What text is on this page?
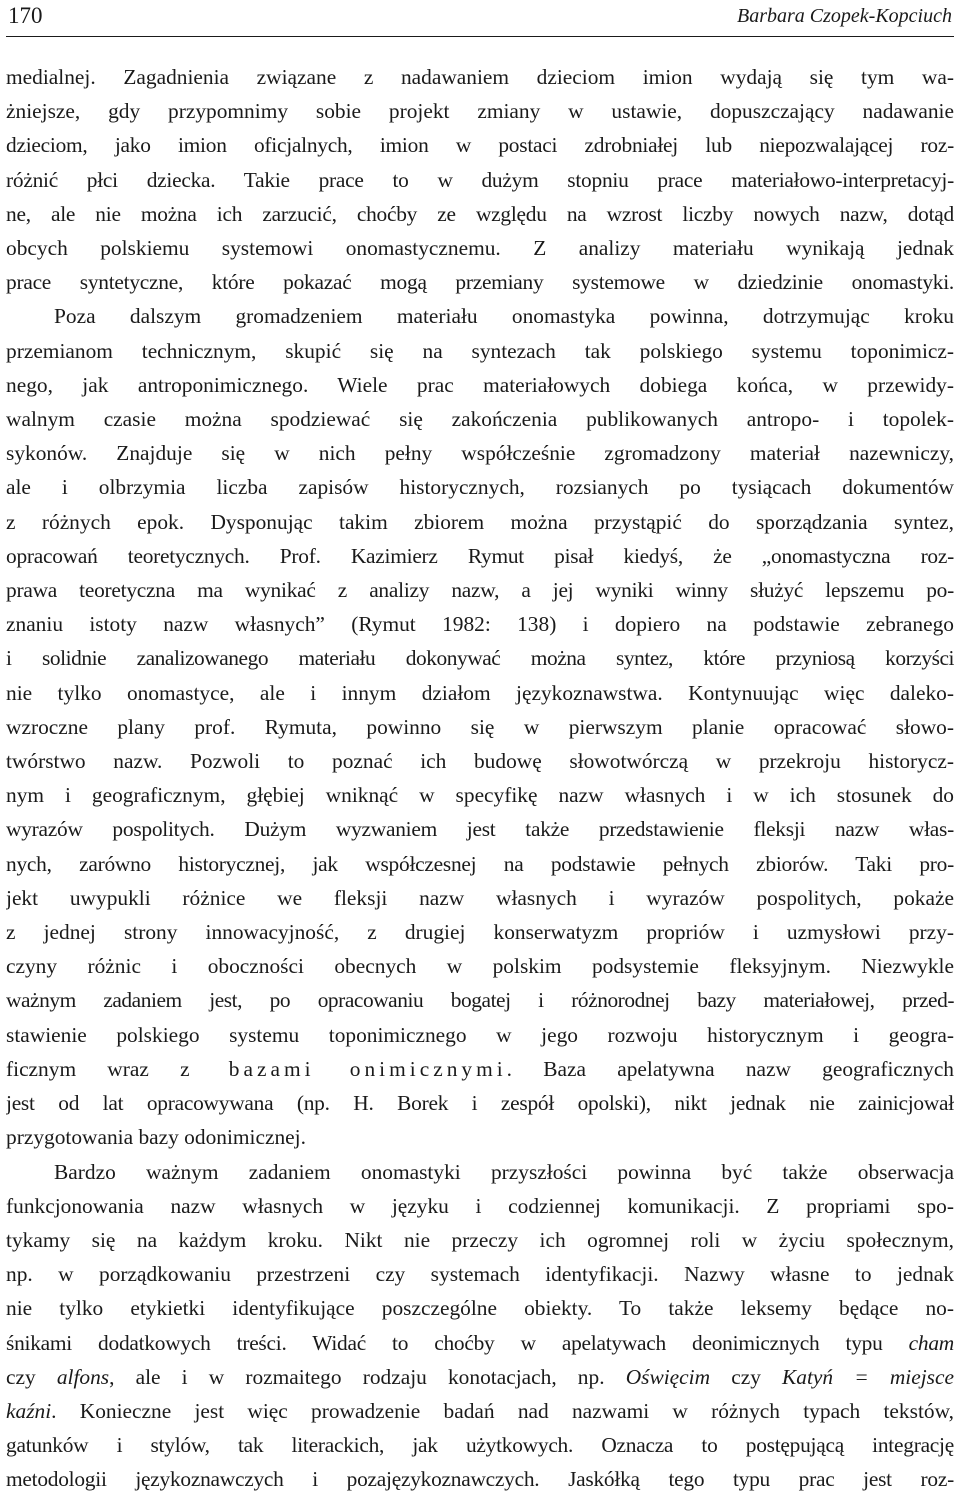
170	Barbara Czopek-Kopciuch

medialnej. Zagadnienia związane z nadawaniem dzieciom imion wydają się tym wa-
żniejsze, gdy przypomnimy sobie projekt zmiany w ustawie, dopuszczający nadawanie
dzieciom, jako imion oficjalnych, imion w postaci zdrobniałej lub niepozwalającej roz-
różnić płci dziecka. Takie prace to w dużym stopniu prace materiałowo-interpretacyj-
ne, ale nie można ich zarzucić, choćby ze względu na wzrost liczby nowych nazw, dotąd
obcych polskiemu systemowi onomastycznemu. Z analizy materiału wynikają jednak
prace syntetyczne, które pokazać mogą przemiany systemowe w dziedzinie onomastyki.

Poza dalszym gromadzeniem materiału onomastyka powinna, dotrzymując kroku
przemianom technicznym, skupić się na syntezach tak polskiego systemu toponimicz-
nego, jak antroponimicznego. Wiele prac materiałowych dobiega końca, w przewidy-
walnym czasie można spodziewać się zakończenia publikowanych antropo- i topolek-
sykonów. Znajduje się w nich pełny współcześnie zgromadzony materiał nazewniczy,
ale i olbrzymia liczba zapisów historycznych, rozsianych po tysiącach dokumentów
z różnych epok. Dysponując takim zbiorem można przystąpić do sporządzania syntez,
opracowań teoretycznych. Prof. Kazimierz Rymut pisał kiedyś, że „onomastyczna roz-
prawa teoretyczna ma wynikać z analizy nazw, a jej wyniki winny służyć lepszemu po-
znaniu istoty nazw własnych” (Rymut 1982: 138) i dopiero na podstawie zebranego
i solidnie zanalizowanego materiału dokonywać można syntez, które przyniosą korzyści
nie tylko onomastyce, ale i innym działom językoznawstwa. Kontynuując więc daleko-
wzroczne plany prof. Rymuta, powinno się w pierwszym planie opracować słowo-
twórstwo nazw. Pozwoli to poznać ich budowę słowotwórczą w przekroju historycz-
nym i geograficznym, głębiej wniknąć w specyfikę nazw własnych i w ich stosunek do
wyrazów pospolitych. Dużym wyzwaniem jest także przedstawienie fleksji nazw włas-
nych, zarówno historycznej, jak współczesnej na podstawie pełnych zbiorów. Taki pro-
jekt uwypukli różnice we fleksji nazw własnych i wyrazów pospolitych, pokaże
z jednej strony innowacyjność, z drugiej konserwatyzm propriów i uzmysłowi przy-
czyny różnic i oboczności obecnych w polskim podsystemie fleksyjnym. Niezwykle
ważnym zadaniem jest, po opracowaniu bogatej i różnorodnej bazy materiałowej, przed-
stawienie polskiego systemu toponimicznego w jego rozwoju historycznym i geogra-
ficznym wraz z bazami onimicznymi. Baza apelatywna nazw geograficznych
jest od lat opracowywana (np. H. Borek i zespół opolski), nikt jednak nie zainicjował
przygotowania bazy odonimicznej.

Bardzo ważnym zadaniem onomastyki przyszłości powinna być także obserwacja
funkcjonowania nazw własnych w języku i codziennej komunikacji. Z propriami spo-
tykamy się na każdym kroku. Nikt nie przeczy ich ogromnej roli w życiu społecznym,
np. w porządkowaniu przestrzeni czy systemach identyfikacji. Nazwy własne to jednak
nie tylko etykietki identyfikujące poszczególne obiekty. To także leksemy będące no-
śnikami dodatkowych treści. Widać to choćby w apelatywach deonimicznych typu cham
czy alfons, ale i w rozmaitego rodzaju konotacjach, np. Oświęcim czy Katyń = miejsce
kaźni. Konieczne jest więc prowadzenie badań nad nazwami w różnych typach tekstów,
gatunków i stylów, tak literackich, jak użytkowych. Oznacza to postępującą integrację
metodologii językoznawczych i pozajęzykoznawczych. Jaskółką tego typu prac jest roz-
